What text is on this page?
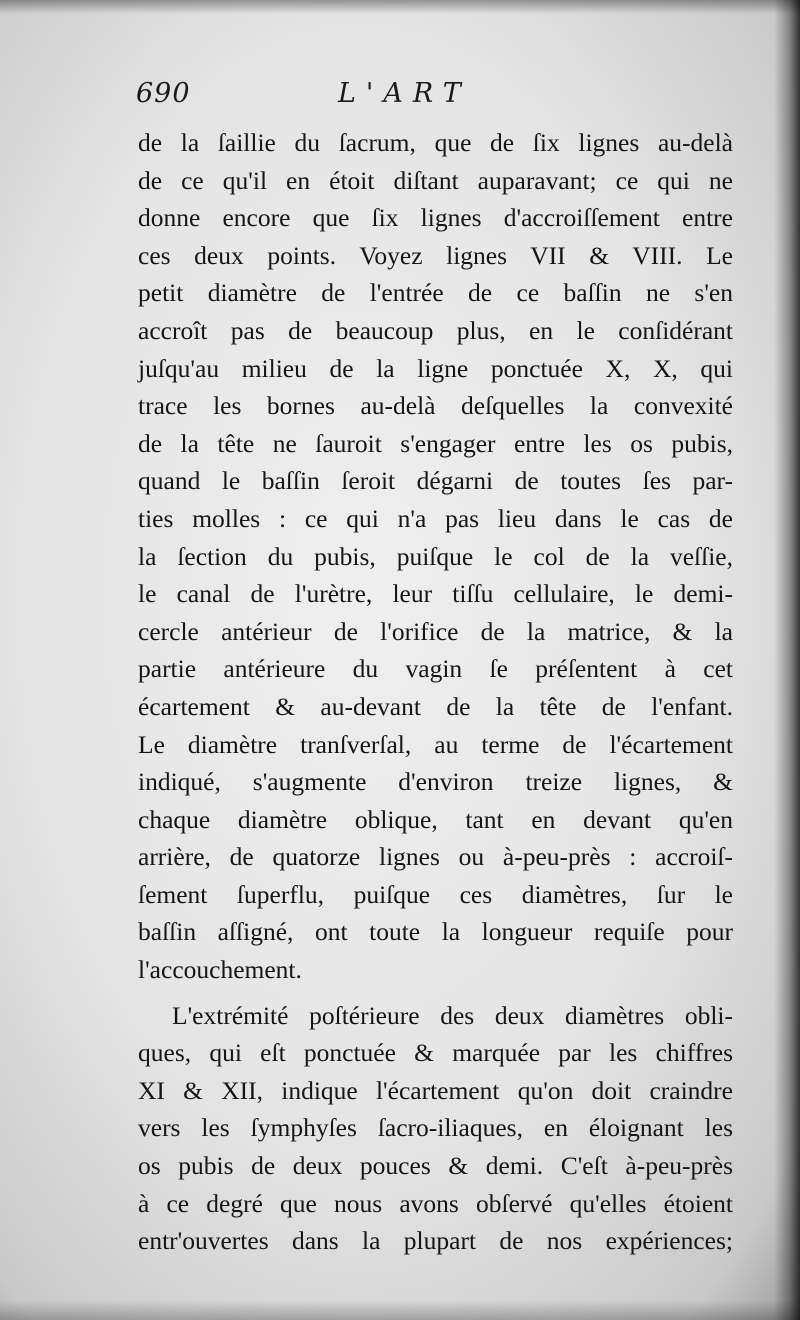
690	L'ART
de la ſaillie du ſacrum, que de ſix lignes au-delà
de ce qu'il en étoit diſtant auparavant; ce qui ne
donne encore que ſix lignes d'accroiſſement entre
ces deux points. Voyez lignes VII & VIII. Le
petit diamètre de l'entrée de ce baſſin ne s'en
accroît pas de beaucoup plus, en le conſidérant
juſqu'au milieu de la ligne ponctuée X, X, qui
trace les bornes au-delà deſquelles la convexité
de la tête ne ſauroit s'engager entre les os pubis,
quand le baſſin ſeroit dégarni de toutes ſes par-
ties molles : ce qui n'a pas lieu dans le cas de
la ſection du pubis, puiſque le col de la veſſie,
le canal de l'urètre, leur tiſſu cellulaire, le demi-
cercle antérieur de l'orifice de la matrice, & la
partie antérieure du vagin ſe préſentent à cet
écartement & au-devant de la tête de l'enfant.
Le diamètre tranſverſal, au terme de l'écartement
indiqué, s'augmente d'environ treize lignes, &
chaque diamètre oblique, tant en devant qu'en
arrière, de quatorze lignes ou à-peu-près : accroiſ-
ſement ſuperflu, puiſque ces diamètres, ſur le
baſſin aſſigné, ont toute la longueur requiſe pour
l'accouchement.
L'extrémité poſtérieure des deux diamètres obli-
ques, qui eſt ponctuée & marquée par les chiffres
XI & XII, indique l'écartement qu'on doit craindre
vers les ſymphyſes ſacro-iliaques, en éloignant les
os pubis de deux pouces & demi. C'eſt à-peu-près
à ce degré que nous avons obſervé qu'elles étoient
entr'ouvertes dans la plupart de nos expériences;
